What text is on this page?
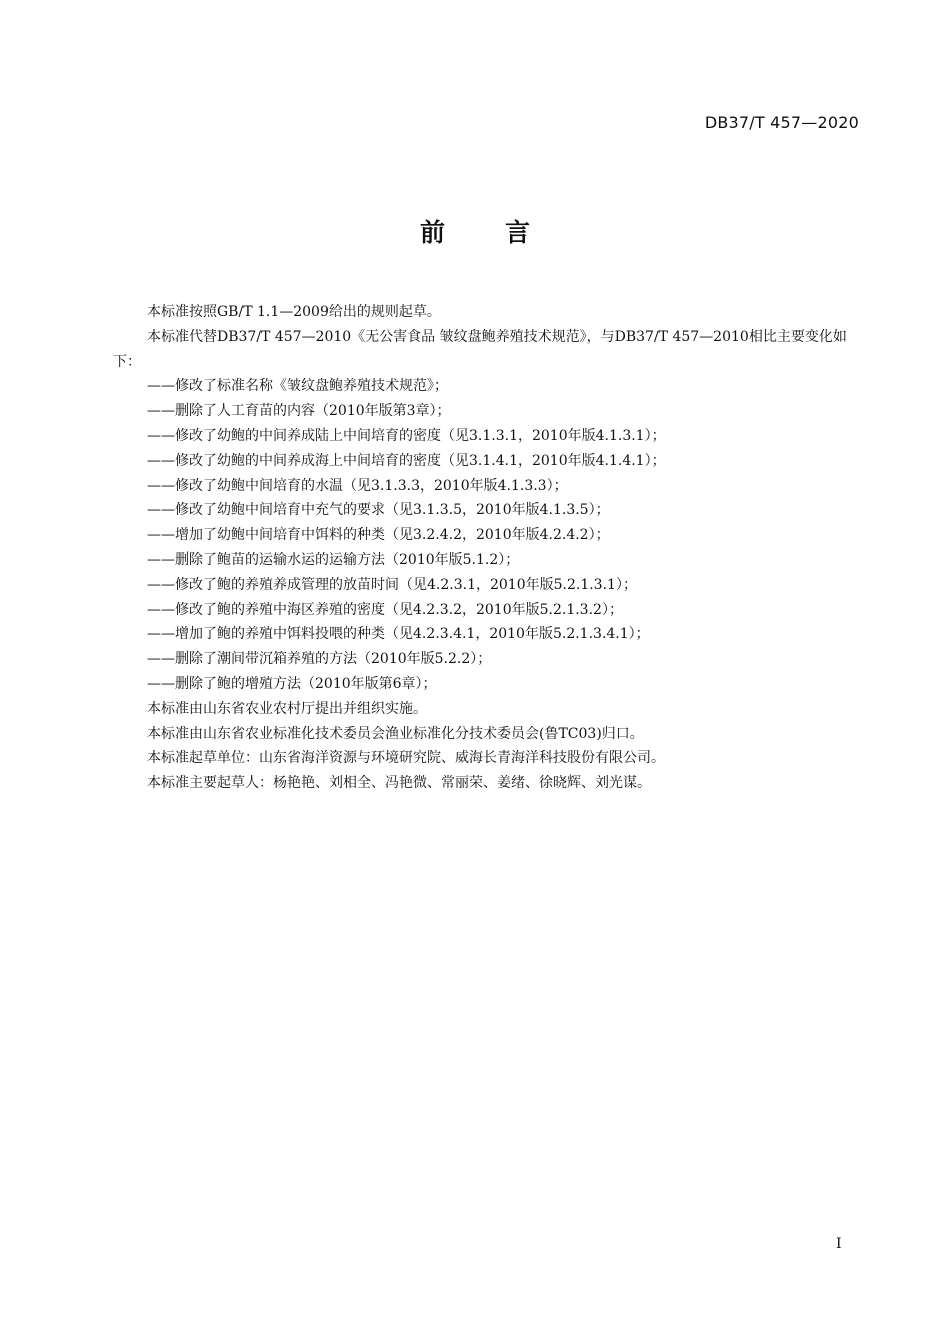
DB37/T 457—2020
前 言

本标准按照GB/T 1.1—2009给出的规则起草。

本标准代替DB37/T 457—2010《无公害食品 皱纹盘鲍养殖技术规范》，与DB37/T 457—2010相比主要变化如下：

——修改了标准名称《皱纹盘鲍养殖技术规范》；

——删除了人工育苗的内容（2010年版第3章）；

——修改了幼鲍的中间养成陆上中间培育的密度（见3.1.3.1，2010年版4.1.3.1）；

——修改了幼鲍的中间养成海上中间培育的密度（见3.1.4.1，2010年版4.1.4.1）；

——修改了幼鲍中间培育的水温（见3.1.3.3，2010年版4.1.3.3）；

——修改了幼鲍中间培育中充气的要求（见3.1.3.5，2010年版4.1.3.5）；

——增加了幼鲍中间培育中饵料的种类（见3.2.4.2，2010年版4.2.4.2）；

——删除了鲍苗的运输水运的运输方法（2010年版5.1.2）；

——修改了鲍的养殖养成管理的放苗时间（见4.2.3.1，2010年版5.2.1.3.1）；

——修改了鲍的养殖中海区养殖的密度（见4.2.3.2，2010年版5.2.1.3.2）；

——增加了鲍的养殖中饵料投喂的种类（见4.2.3.4.1，2010年版5.2.1.3.4.1）；

——删除了潮间带沉箱养殖的方法（2010年版5.2.2）；

——删除了鲍的增殖方法（2010年版第6章）；

本标准由山东省农业农村厅提出并组织实施。

本标准由山东省农业标准化技术委员会渔业标准化分技术委员会(鲁TC03)归口。

本标准起草单位：山东省海洋资源与环境研究院、威海长青海洋科技股份有限公司。

本标准主要起草人：杨艳艳、刘相全、冯艳微、常丽荣、姜绪、徐晓辉、刘光谋。

I
